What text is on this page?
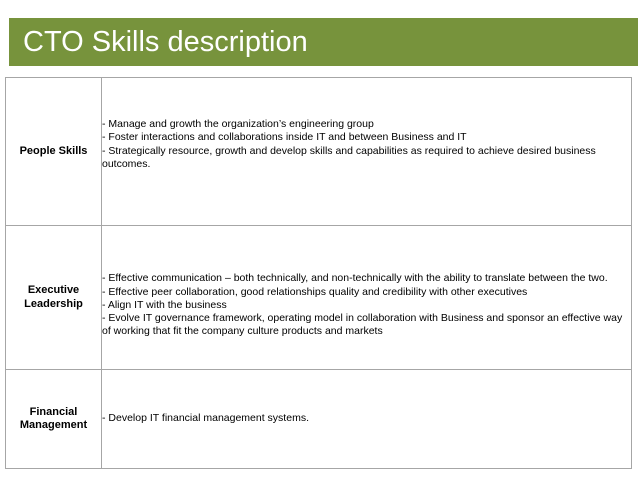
CTO Skills description
People Skills	- Manage and growth the organization’s engineering group
- Foster interactions and collaborations inside IT and between Business and IT
- Strategically resource, growth and develop skills and capabilities as required to achieve desired business outcomes.

Executive Leadership	- Effective communication – both technically, and non-technically with the ability to translate between the two.
- Effective peer collaboration, good relationships quality and credibility with other executives
- Align IT with the business
- Evolve IT governance framework, operating model in collaboration with Business and sponsor an effective way of working that fit the company culture products and markets

Financial Management	- Develop IT financial management systems.
